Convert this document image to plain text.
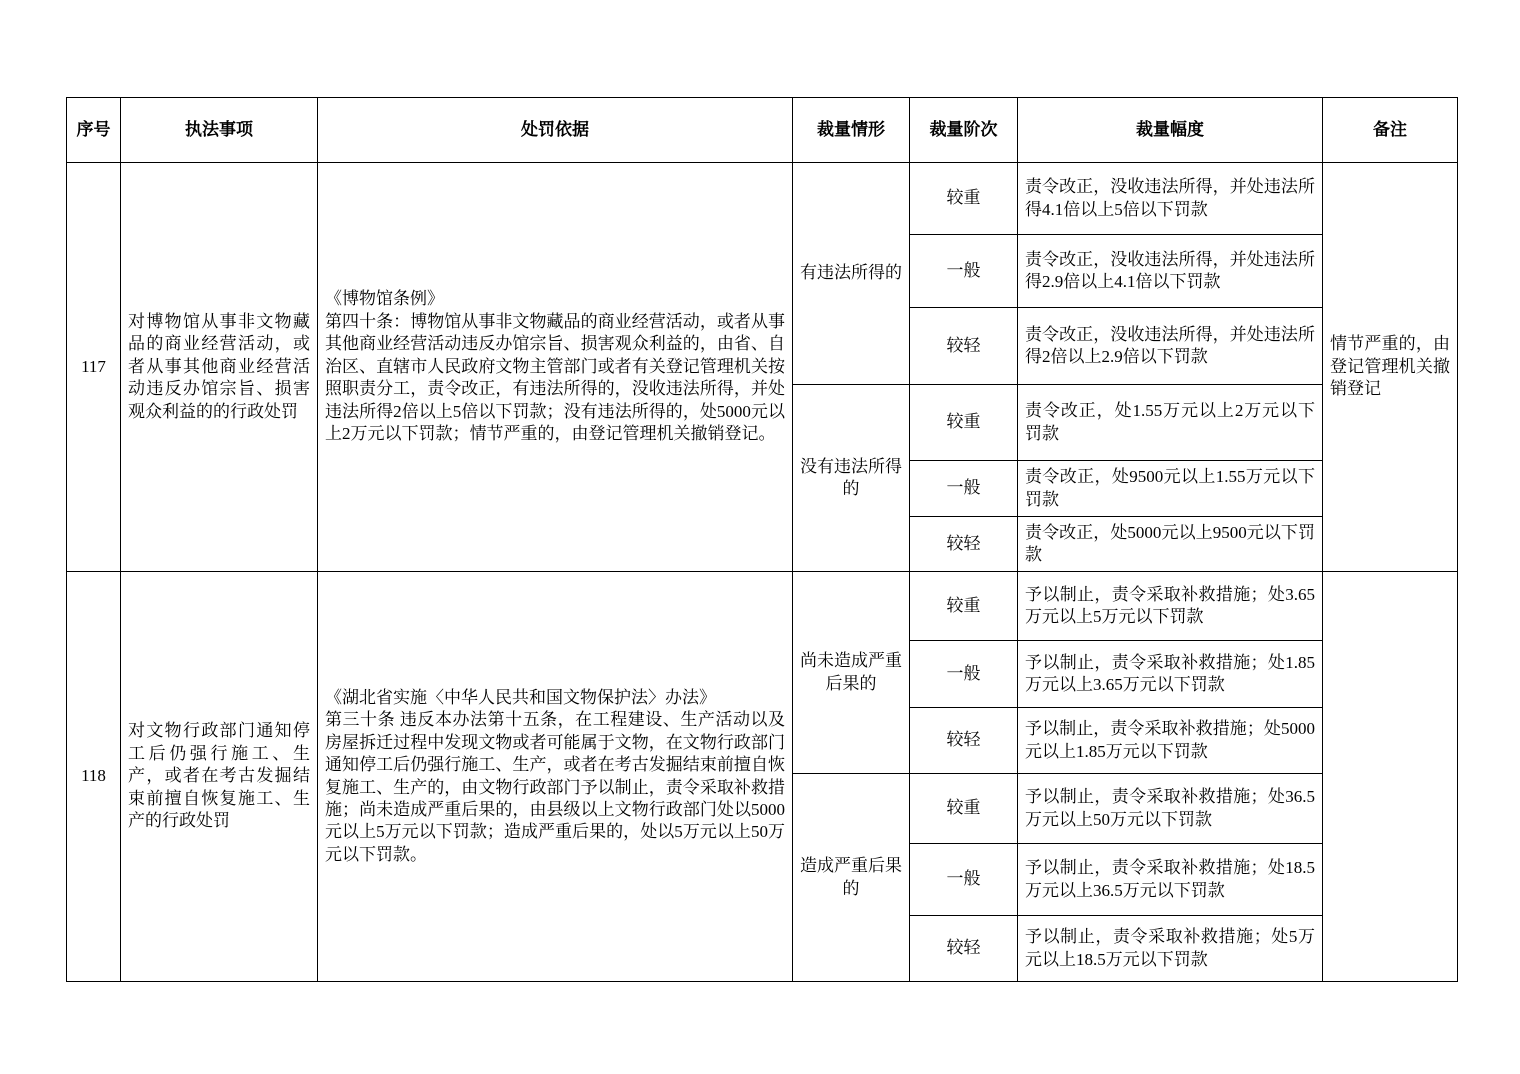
序号	执法事项	处罚依据	裁量情形	裁量阶次	裁量幅度	备注
117	对博物馆从事非文物藏品的商业经营活动，或者从事其他商业经营活动违反办馆宗旨、损害观众利益的的行政处罚	《博物馆条例》
第四十条：博物馆从事非文物藏品的商业经营活动，或者从事其他商业经营活动违反办馆宗旨、损害观众利益的，由省、自治区、直辖市人民政府文物主管部门或者有关登记管理机关按照职责分工，责令改正，有违法所得的，没收违法所得，并处违法所得2倍以上5倍以下罚款；没有违法所得的，处5000元以上2万元以下罚款；情节严重的，由登记管理机关撤销登记。	有违法所得的	较重	责令改正，没收违法所得，并处违法所得4.1倍以上5倍以下罚款	情节严重的，由登记管理机关撤销登记
				一般	责令改正，没收违法所得，并处违法所得2.9倍以上4.1倍以下罚款	
				较轻	责令改正，没收违法所得，并处违法所得2倍以上2.9倍以下罚款	
			没有违法所得的	较重	责令改正，处1.55万元以上2万元以下罚款	
				一般	责令改正，处9500元以上1.55万元以下罚款	
				较轻	责令改正，处5000元以上9500元以下罚款	
118	对文物行政部门通知停工后仍强行施工、生产，或者在考古发掘结束前擅自恢复施工、生产的行政处罚	《湖北省实施〈中华人民共和国文物保护法〉办法》
第三十条 违反本办法第十五条，在工程建设、生产活动以及房屋拆迁过程中发现文物或者可能属于文物，在文物行政部门通知停工后仍强行施工、生产，或者在考古发掘结束前擅自恢复施工、生产的，由文物行政部门予以制止，责令采取补救措施；尚未造成严重后果的，由县级以上文物行政部门处以5000元以上5万元以下罚款；造成严重后果的，处以5万元以上50万元以下罚款。	尚未造成严重后果的	较重	予以制止，责令采取补救措施；处3.65万元以上5万元以下罚款	
				一般	予以制止，责令采取补救措施；处1.85万元以上3.65万元以下罚款	
				较轻	予以制止，责令采取补救措施；处5000元以上1.85万元以下罚款	
			造成严重后果的	较重	予以制止，责令采取补救措施；处36.5万元以上50万元以下罚款	
				一般	予以制止，责令采取补救措施；处18.5万元以上36.5万元以下罚款	
				较轻	予以制止，责令采取补救措施；处5万元以上18.5万元以下罚款	
